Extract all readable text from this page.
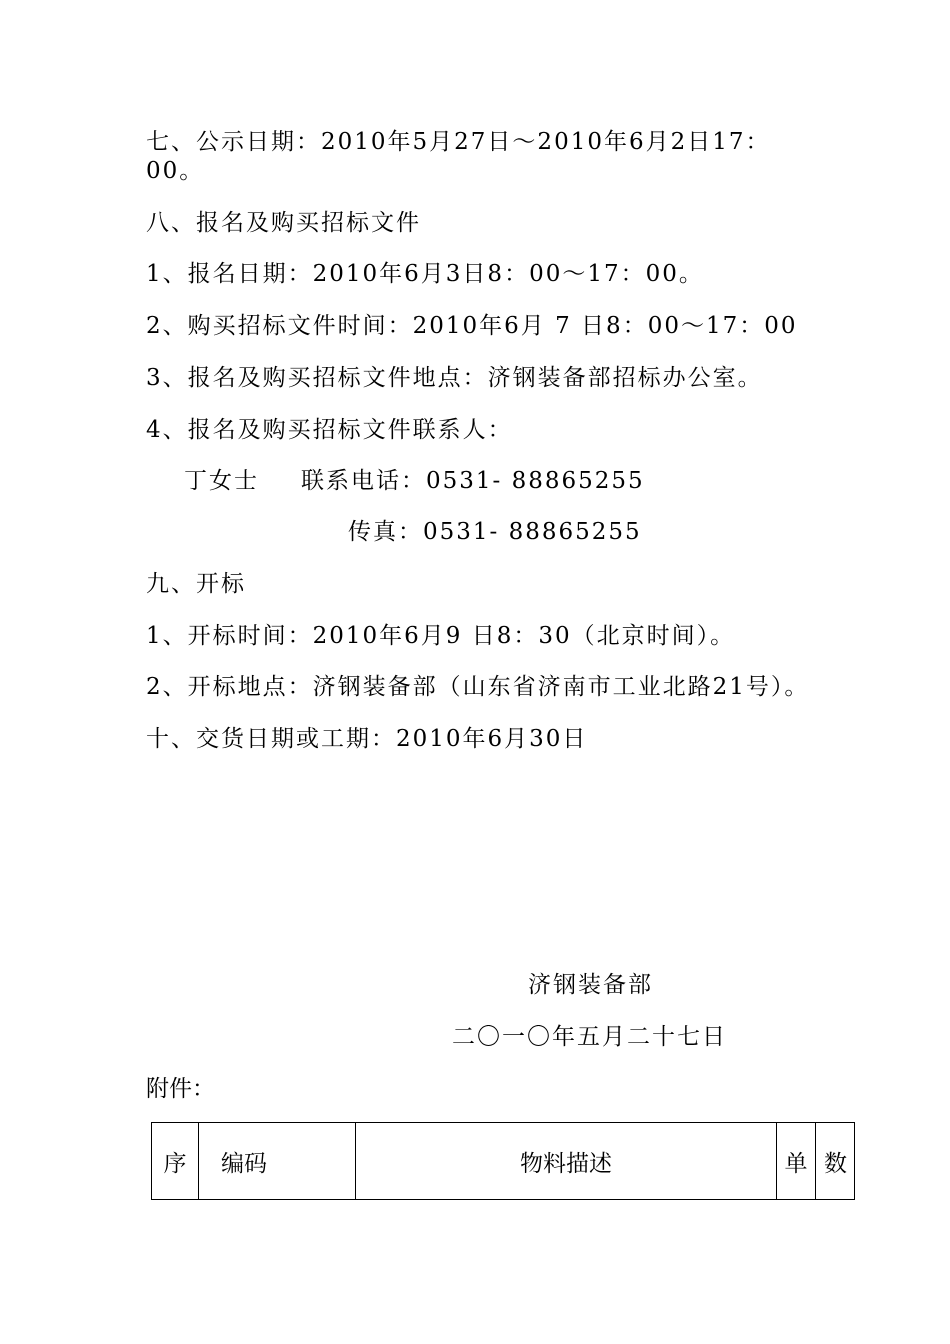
七、公示日期：2010年5月27日～2010年6月2日17：
00。
八、报名及购买招标文件
1、报名日期：2010年6月3日8：00～17：00。
2、购买招标文件时间：2010年6月 7 日8：00～17：00
3、报名及购买招标文件地点：济钢装备部招标办公室。
4、报名及购买招标文件联系人：
丁女士 联系电话：0531- 88865255
传真：0531- 88865255
九、开标
1、开标时间：2010年6月9 日8：30（北京时间）。
2、开标地点：济钢装备部（山东省济南市工业北路21号）。
十、交货日期或工期：2010年6月30日
济钢装备部
二〇一〇年五月二十七日
附件：
序	编码	物料描述	单	数
